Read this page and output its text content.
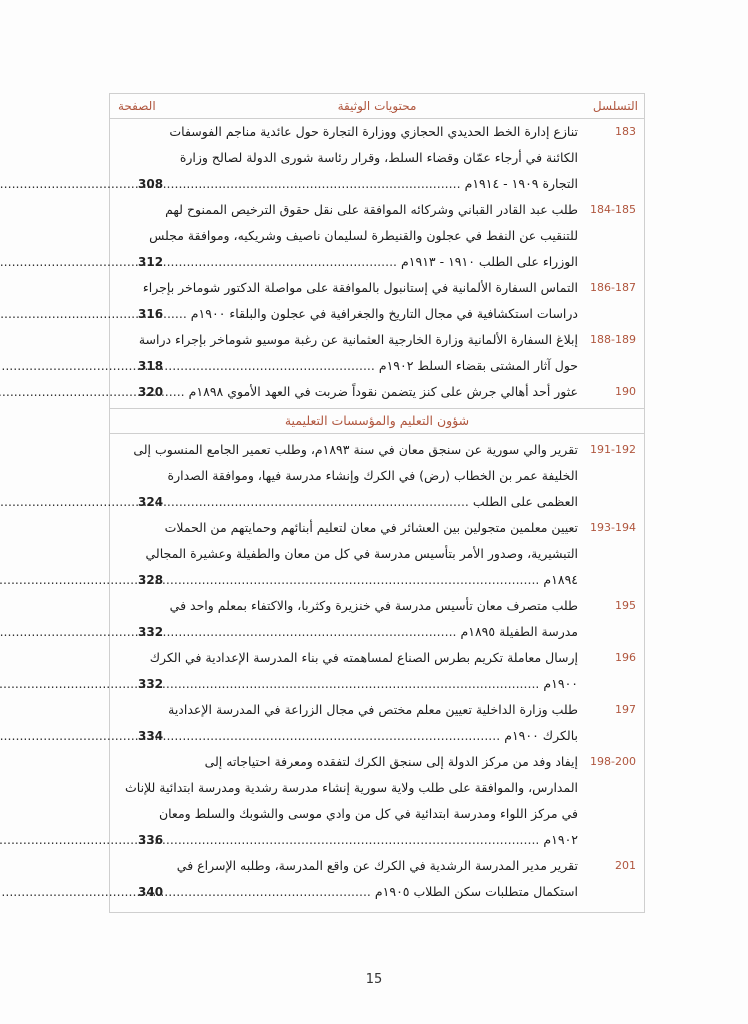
محتويات الوثيقة	التسلسل
الصفحة
183
تنازع إدارة الخط الحديدي الحجازي ووزارة التجارة حول عائدية مناجم الفوسفات
الكائنة في أرجاء عمّان وقضاء السلط، وقرار رئاسة شورى الدولة لصالح وزارة
التجارة ١٩٠٩ - ١٩١٤م .....
308
184-185
طلب عبد القادر القباني وشركائه الموافقة على نقل حقوق الترخيص الممنوح لهم
للتنقيب عن النفط في عجلون والقنيطرة لسليمان ناصيف وشريكيه، وموافقة مجلس
الوزراء على الطلب ١٩١٠ - ١٩١٣م .....
312
186-187
التماس السفارة الألمانية في إستانبول بالموافقة على مواصلة الدكتور شوماخر بإجراء
دراسات استكشافية في مجال التاريخ والجغرافية في عجلون والبلقاء ١٩٠٠م .....
316
188-189
إبلاغ السفارة الألمانية وزارة الخارجية العثمانية عن رغبة موسيو شوماخر بإجراء دراسة
حول آثار المشتى بقضاء السلط ١٩٠٢م .....
318
190
عثور أحد أهالي جرش على كنز يتضمن نقوداً ضربت في العهد الأموي ١٨٩٨م .....
320
شؤون التعليم والمؤسسات التعليمية
191-192
تقرير والي سورية عن سنجق معان في سنة ١٨٩٣م، وطلب تعمير الجامع المنسوب إلى
الخليفة عمر بن الخطاب (رض) في الكرك وإنشاء مدرسة فيها، وموافقة الصدارة
العظمى على الطلب .....
324
193-194
تعيين معلمين متجولين بين العشائر في معان لتعليم أبنائهم وحمايتهم من الحملات
التبشيرية، وصدور الأمر بتأسيس مدرسة في كل من معان والطفيلة وعشيرة المجالي
١٨٩٤م .....
328
195
طلب متصرف معان تأسيس مدرسة في خنزيرة وكثربا، والاكتفاء بمعلم واحد في
مدرسة الطفيلة ١٨٩٥م .....
332
196
إرسال معاملة تكريم بطرس الصناع لمساهمته في بناء المدرسة الإعدادية في الكرك
١٩٠٠م .....
332
197
طلب وزارة الداخلية تعيين معلم مختص في مجال الزراعة في المدرسة الإعدادية
بالكرك ١٩٠٠م .....
334
198-200
إيفاد وفد من مركز الدولة إلى سنجق الكرك لتفقده ومعرفة احتياجاته إلى
المدارس، والموافقة على طلب ولاية سورية إنشاء مدرسة رشدية ومدرسة ابتدائية للإناث
في مركز اللواء ومدرسة ابتدائية في كل من وادي موسى والشوبك والسلط ومعان
١٩٠٢م .....
336
201
تقرير مدير المدرسة الرشدية في الكرك عن واقع المدرسة، وطلبه الإسراع في
استكمال متطلبات سكن الطلاب ١٩٠٥م .....
340
15
